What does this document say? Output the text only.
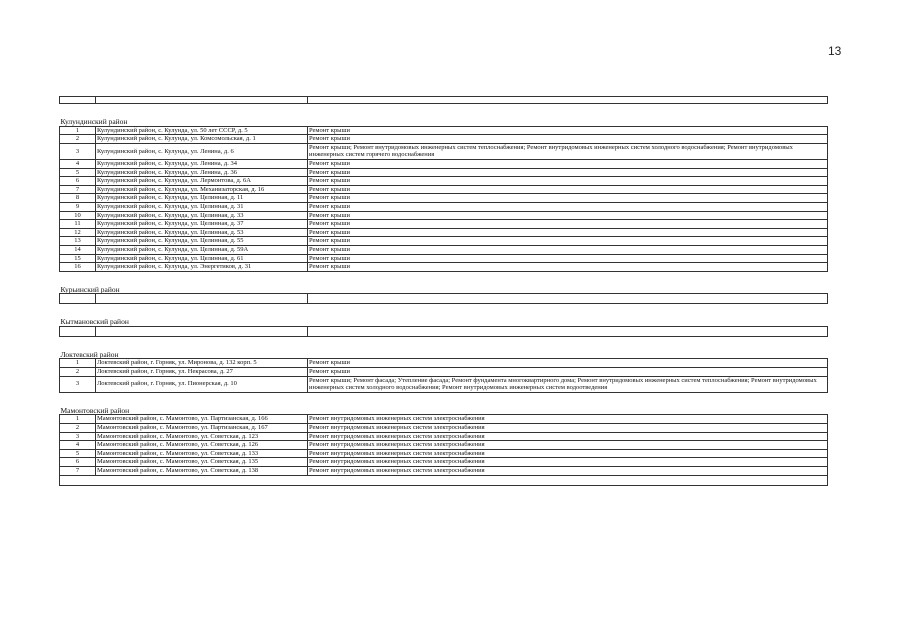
13

Кулундинский район		
1	Кулундинский район, с. Кулунда, ул. 50 лет СССР, д. 5	Ремонт крыши
2	Кулундинский район, с. Кулунда, ул. Комсомольская, д. 1	Ремонт крыши
3	Кулундинский район, с. Кулунда, ул. Ленина, д. 6	Ремонт крыши; Ремонт внутридомовых инженерных систем теплоснабжения; Ремонт внутридомовых инженерных систем холодного водоснабжения; Ремонт внутридомовых инженерных систем горячего водоснабжения
4	Кулундинский район, с. Кулунда, ул. Ленина, д. 34	Ремонт крыши
5	Кулундинский район, с. Кулунда, ул. Ленина, д. 36	Ремонт крыши
6	Кулундинский район, с. Кулунда, ул. Лермонтова, д. 6А	Ремонт крыши
7	Кулундинский район, с. Кулунда, ул. Механизаторская, д. 16	Ремонт крыши
8	Кулундинский район, с. Кулунда, ул. Целинная, д. 11	Ремонт крыши
9	Кулундинский район, с. Кулунда, ул. Целинная, д. 31	Ремонт крыши
10	Кулундинский район, с. Кулунда, ул. Целинная, д. 33	Ремонт крыши
11	Кулундинский район, с. Кулунда, ул. Целинная, д. 37	Ремонт крыши
12	Кулундинский район, с. Кулунда, ул. Целинная, д. 53	Ремонт крыши
13	Кулундинский район, с. Кулунда, ул. Целинная, д. 55	Ремонт крыши
14	Кулундинский район, с. Кулунда, ул. Целинная, д. 59А	Ремонт крыши
15	Кулундинский район, с. Кулунда, ул. Целинная, д. 61	Ремонт крыши
16	Кулундинский район, с. Кулунда, ул. Энергетиков, д. 31	Ремонт крыши

Курьинский район		

Кытмановский район		

Локтевский район		
1	Локтевский район, г. Горняк, ул. Миронова, д. 132 корп. 5	Ремонт крыши
2	Локтевский район, г. Горняк, ул. Некрасова, д. 27	Ремонт крыши
3	Локтевский район, г. Горняк, ул. Пионерская, д. 10	Ремонт крыши; Ремонт фасада; Утепление фасада; Ремонт фундамента многоквартирного дома; Ремонт внутридомовых инженерных систем теплоснабжения; Ремонт внутридомовых инженерных систем холодного водоснабжения; Ремонт внутридомовых инженерных систем водоотведения

Мамонтовский район		
1	Мамонтовский район, с. Мамонтово, ул. Партизанская, д. 166	Ремонт внутридомовых инженерных систем электроснабжения
2	Мамонтовский район, с. Мамонтово, ул. Партизанская, д. 167	Ремонт внутридомовых инженерных систем электроснабжения
3	Мамонтовский район, с. Мамонтово, ул. Советская, д. 123	Ремонт внутридомовых инженерных систем электроснабжения
4	Мамонтовский район, с. Мамонтово, ул. Советская, д. 126	Ремонт внутридомовых инженерных систем электроснабжения
5	Мамонтовский район, с. Мамонтово, ул. Советская, д. 133	Ремонт внутридомовых инженерных систем электроснабжения
6	Мамонтовский район, с. Мамонтово, ул. Советская, д. 135	Ремонт внутридомовых инженерных систем электроснабжения
7	Мамонтовский район, с. Мамонтово, ул. Советская, д. 138	Ремонт внутридомовых инженерных систем электроснабжения
